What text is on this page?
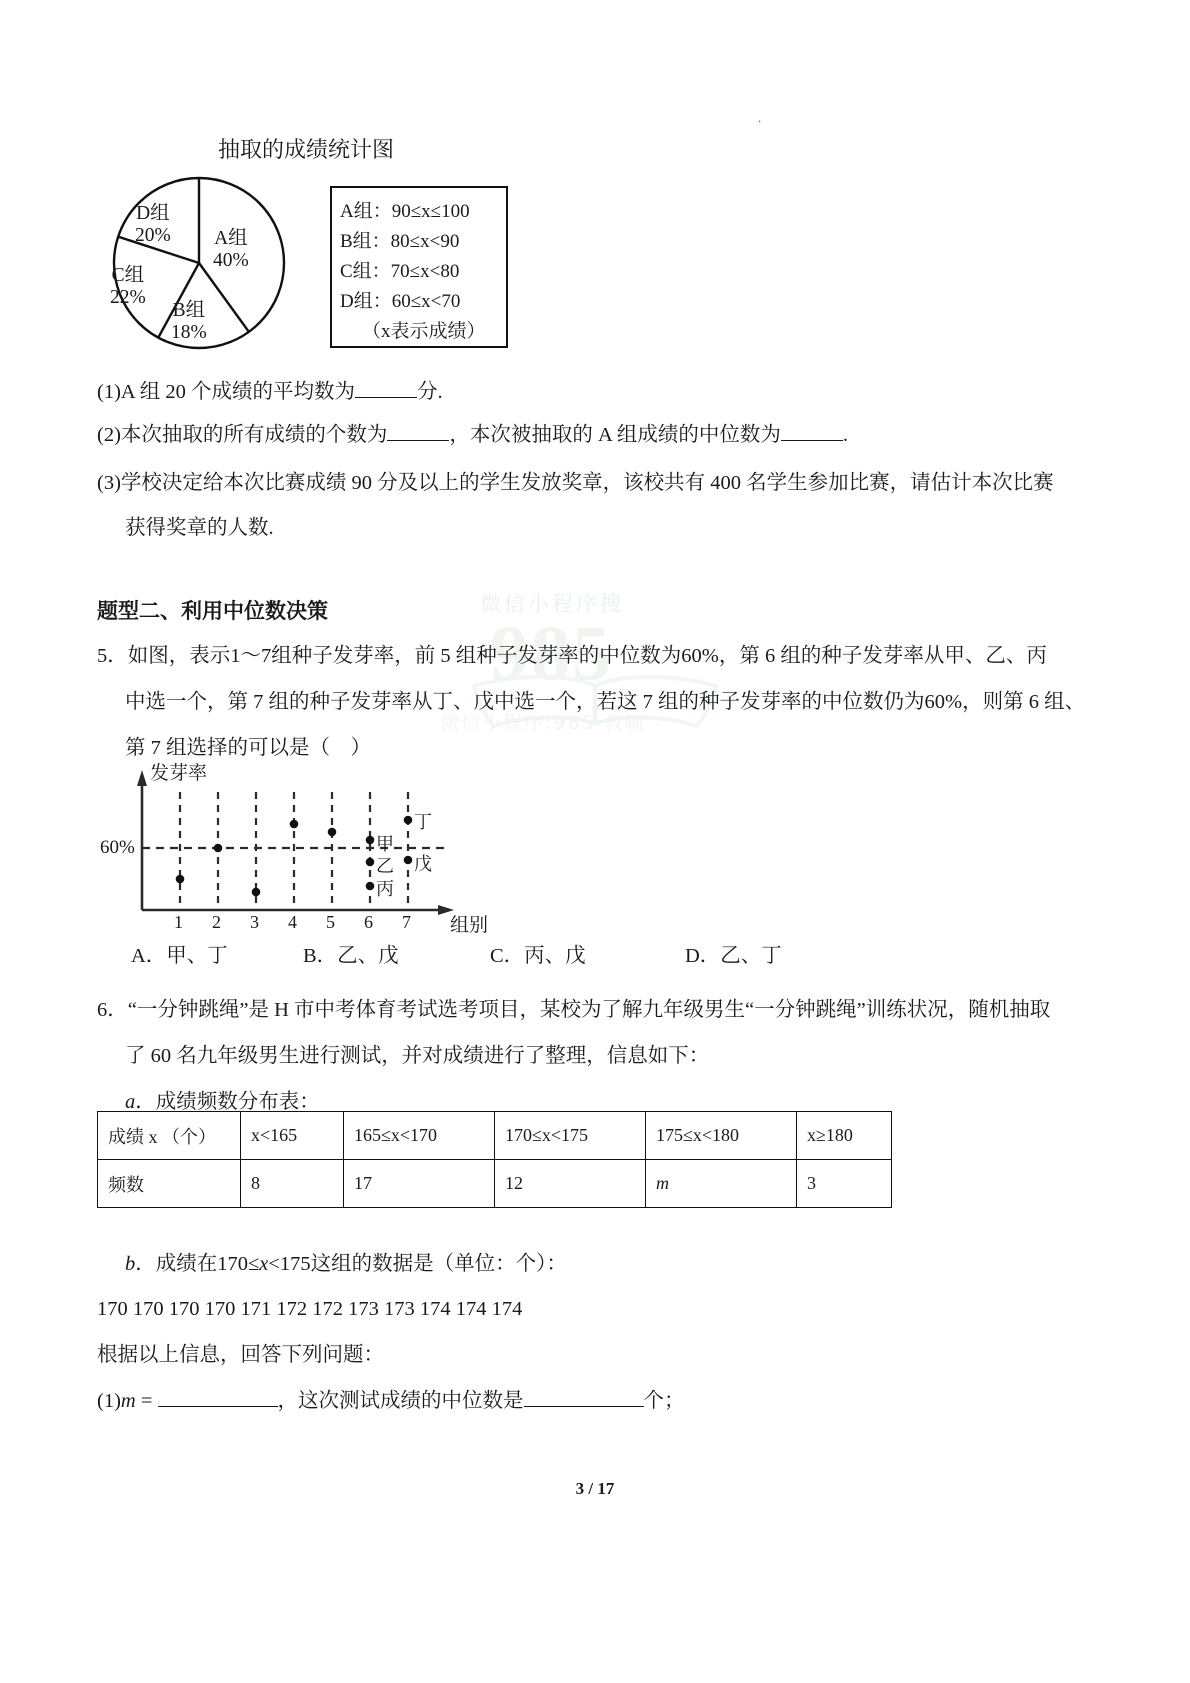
微信小程序搜
985
微信小程序:985 教辅
.
抽取的成绩统计图
A组
40%
B组
18%
C组
22%
D组
20%
A组：90≤x≤100
B组：80≤x<90
C组：70≤x<80
D组：60≤x<70
（x表示成绩）
(1)A 组 20 个成绩的平均数为	分.
(2)本次抽取的所有成绩的个数为	，本次被抽取的 A 组成绩的中位数为	.
(3)学校决定给本次比赛成绩 90 分及以上的学生发放奖章，该校共有 400 名学生参加比赛，请估计本次比赛
获得奖章的人数.
题型二、利用中位数决策
5．如图，表示1～7组种子发芽率，前 5 组种子发芽率的中位数为60%，第 6 组的种子发芽率从甲、乙、丙
中选一个，第 7 组的种子发芽率从丁、戊中选一个，若这 7 组的种子发芽率的中位数仍为60%，则第 6 组、
第 7 组选择的可以是（　）
发芽率
60%
组别
1 2 3 4 5 6 7
甲
乙
丙
丁
戊
A．甲、丁	B．乙、戊	C．丙、戊	D．乙、丁
6．“一分钟跳绳”是 H 市中考体育考试选考项目，某校为了解九年级男生“一分钟跳绳”训练状况，随机抽取
了 60 名九年级男生进行测试，并对成绩进行了整理，信息如下：
a．成绩频数分布表：
成绩 x （个）	x<165	165≤x<170	170≤x<175	175≤x<180	x≥180
频数	8	17	12	m	3
b．成绩在170≤x<175这组的数据是（单位：个）：
170 170 170 170 171 172 172 173 173 174 174 174
根据以上信息，回答下列问题：
(1)m =	，这次测试成绩的中位数是	个；
3 / 17
